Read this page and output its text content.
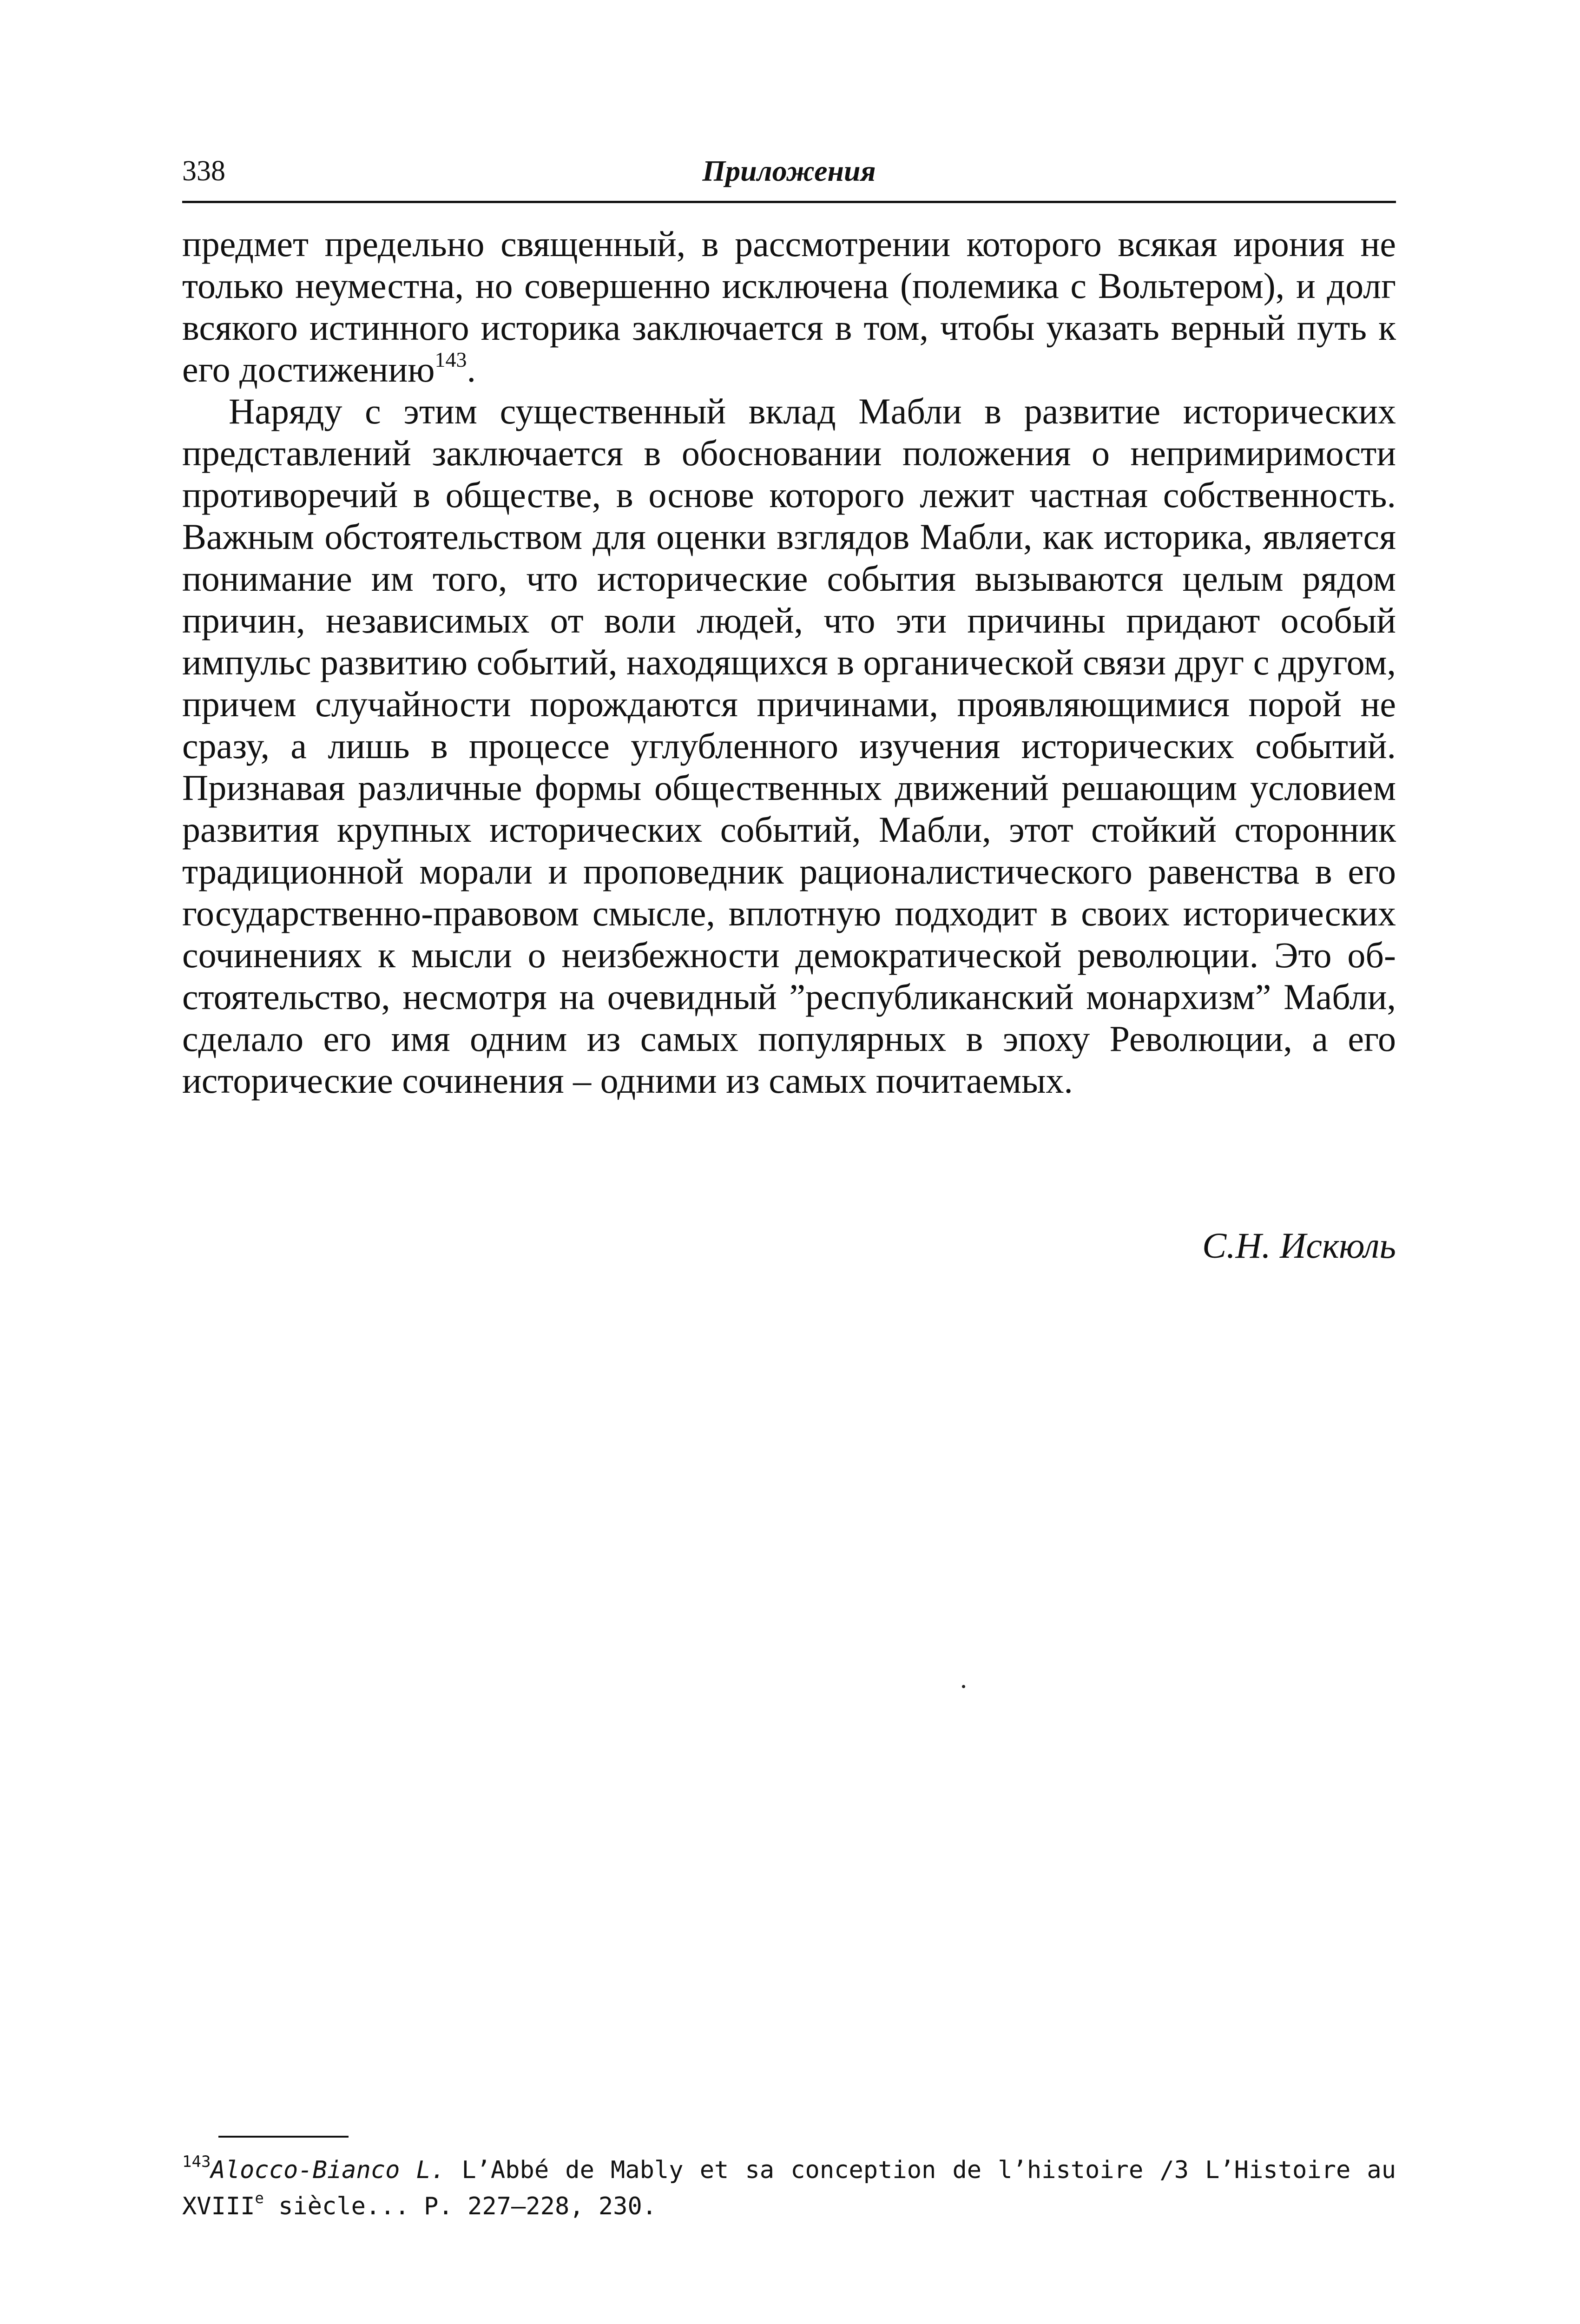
338	Приложения

предмет предельно священный, в рассмотрении которого всякая ирония не только неуместна, но совершенно исключена (полемика с Вольтером), и долг всякого истинного историка заключается в том, чтобы указать верный путь к его достижению$^{143}$.

Наряду с этим существенный вклад Мабли в развитие исторических представлений заключается в обосновании положения о непримиримости противоречий в обществе, в основе которого лежит частная собственность. Важным обстоятельством для оценки взглядов Мабли, как историка, является понимание им того, что исторические события вызываются целым рядом причин, независимых от воли людей, что эти причины придают особый импульс развитию событий, находящихся в органической связи друг с другом, причем случайности порождаются причинами, проявляющимися порой не сразу, а лишь в процессе углубленного изучения исторических событий. Признавая различные формы общественных движений решающим условием развития крупных исторических событий, Мабли, этот стойкий сторонник традиционной морали и проповедник рационалистического равенства в его государственно-правовом смысле, вплотную подходит в своих исторических сочинениях к мысли о неизбежности демократической революции. Это обстоятельство, несмотря на очевидный ”республиканский монархизм” Мабли, сделало его имя одним из самых популярных в эпоху Революции, а его исторические сочинения – одними из самых почитаемых.

С.Н. Искюль
$^{143}$Alocco-Bianco L. L’Abbé de Mably et sa conception de l’histoire /3 L’Histoire au XVIIIe siècle... P. 227–228, 230.
